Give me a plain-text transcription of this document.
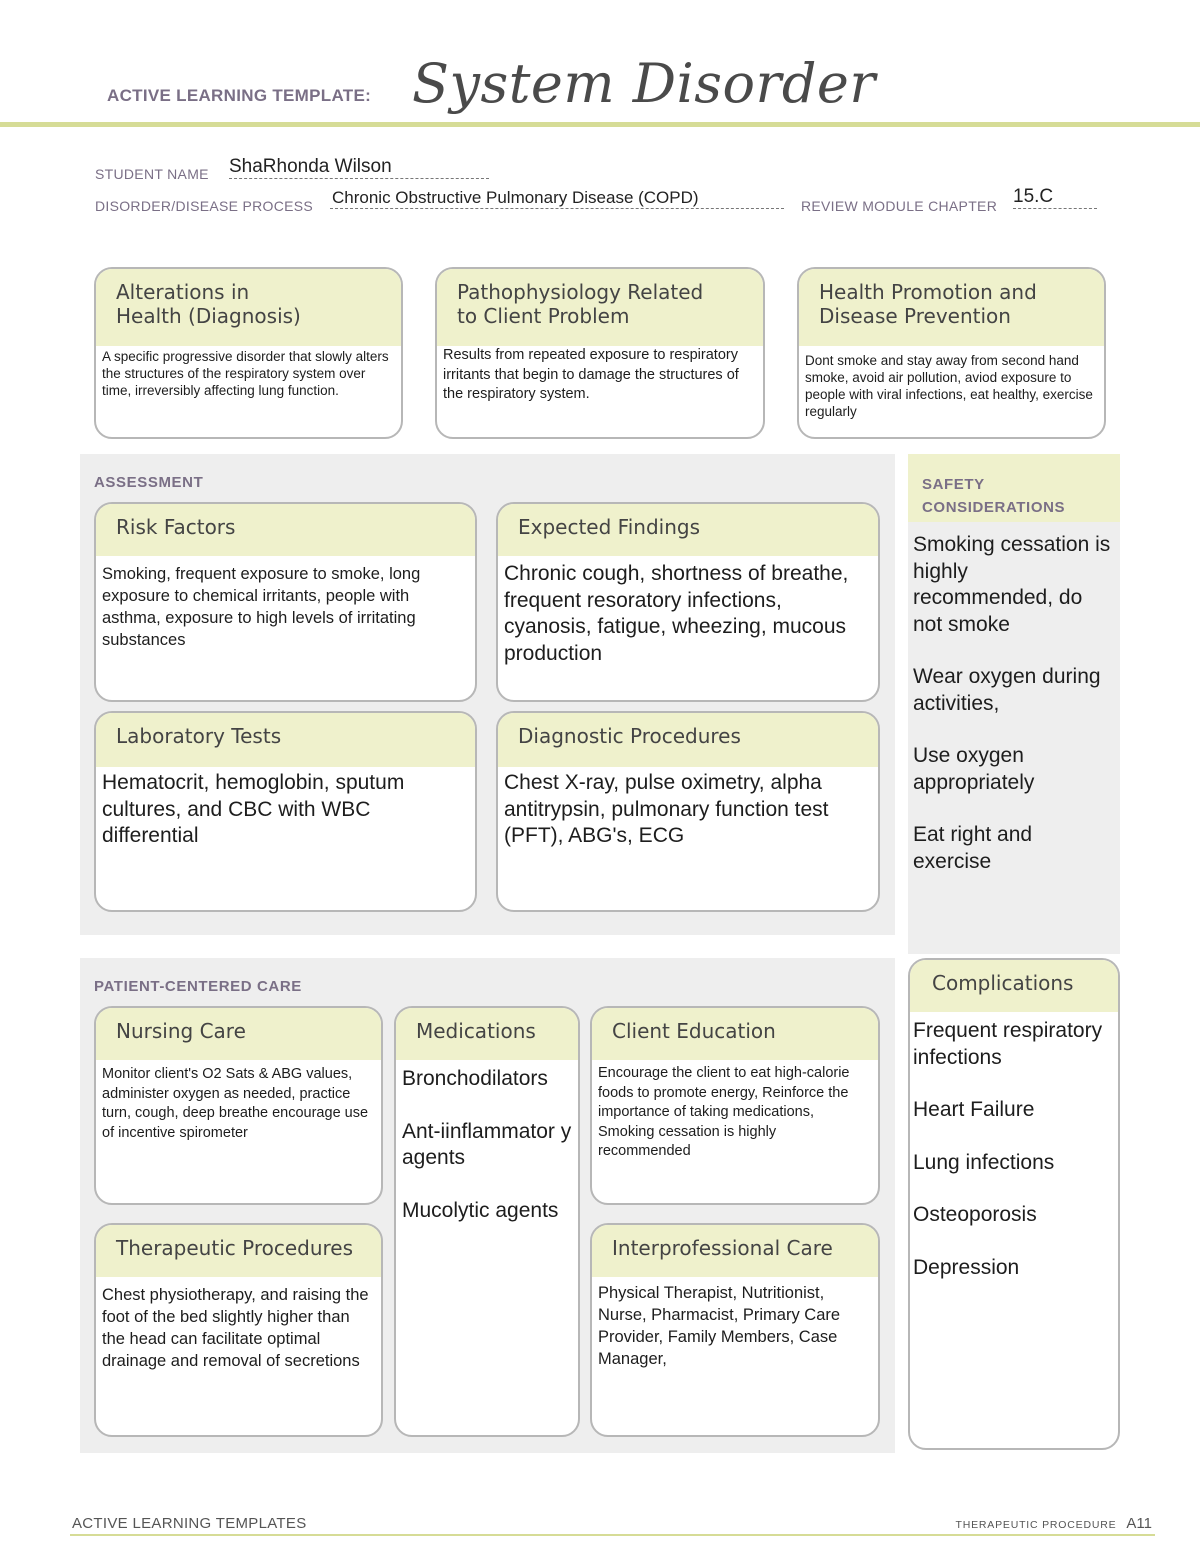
ACTIVE LEARNING TEMPLATE: System Disorder
STUDENT NAME ShaRhonda Wilson
DISORDER/DISEASE PROCESS Chronic Obstructive Pulmonary Disease (COPD)	REVIEW MODULE CHAPTER 15.C
Alterations in
Health (Diagnosis)
A specific progressive disorder that slowly alters the structures of the respiratory system over time, irreversibly affecting lung function.
Pathophysiology Related
to Client Problem
Results from repeated exposure to respiratory irritants that begin to damage the structures of the respiratory system.
Health Promotion and
Disease Prevention
Dont smoke and stay away from second hand smoke, avoid air pollution, aviod exposure to people with viral infections, eat healthy, exercise regularly
ASSESSMENT
Risk Factors
Smoking, frequent exposure to smoke, long exposure to chemical irritants, people with asthma, exposure to high levels of irritating substances
Expected Findings
Chronic cough, shortness of breathe, frequent resoratory infections, cyanosis, fatigue, wheezing, mucous production
Laboratory Tests
Hematocrit, hemoglobin, sputum cultures, and CBC with WBC differential
Diagnostic Procedures
Chest X-ray, pulse oximetry, alpha antitrypsin, pulmonary function test (PFT), ABG's, ECG
SAFETY
CONSIDERATIONS
Smoking cessation is highly recommended, do not smoke
Wear oxygen during activities,
Use oxygen appropriately
Eat right and exercise
PATIENT-CENTERED CARE
Nursing Care
Monitor client's O2 Sats & ABG values, administer oxygen as needed, practice turn, cough, deep breathe encourage use of incentive spirometer
Medications
Bronchodilators
Ant-iinflammator y agents
Mucolytic agents
Client Education
Encourage the client to eat high-calorie foods to promote energy, Reinforce the importance of taking medications, Smoking cessation is highly recommended
Therapeutic Procedures
Chest physiotherapy, and raising the foot of the bed slightly higher than the head can facilitate optimal drainage and removal of secretions
Interprofessional Care
Physical Therapist, Nutritionist, Nurse, Pharmacist, Primary Care Provider, Family Members, Case Manager,
Complications
Frequent respiratory infections
Heart Failure
Lung infections
Osteoporosis
Depression
ACTIVE LEARNING TEMPLATES	THERAPEUTIC PROCEDURE A11
